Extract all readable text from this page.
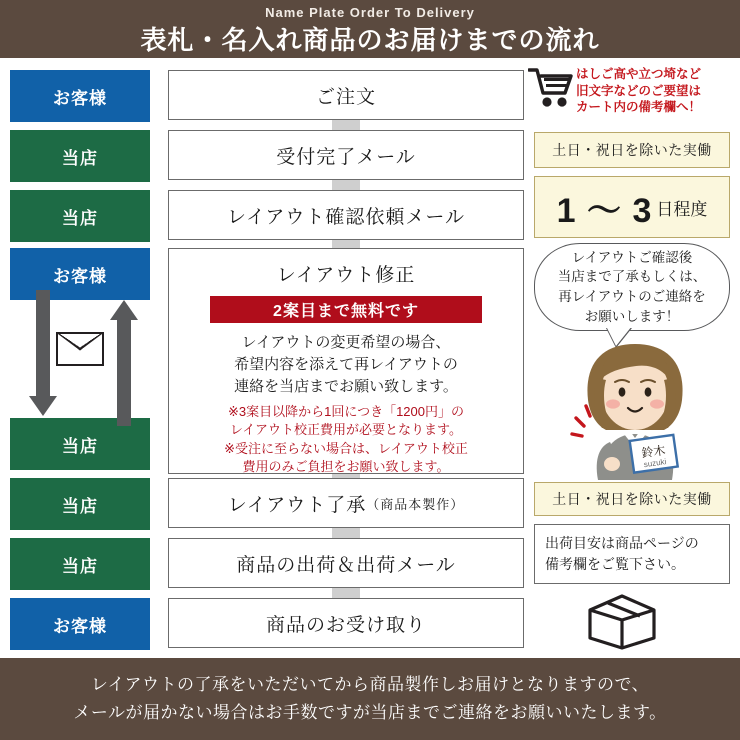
Name Plate Order To Delivery
表札・名入れ商品のお届けまでの流れ
お客様	ご注文
当店	受付完了メール
当店	レイアウト確認依頼メール
お客様	レイアウト修正
2案目まで無料です
レイアウトの変更希望の場合、
希望内容を添えて再レイアウトの
連絡を当店までお願い致します。
※3案目以降から1回につき「1200円」の
レイアウト校正費用が必要となります。
※受注に至らない場合は、レイアウト校正
費用のみご負担をお願い致します。
当店
当店	レイアウト了承 （商品本製作）
当店	商品の出荷＆出荷メール
お客様	商品のお受け取り
はしご高や立つ埼など
旧文字などのご要望は
カート内の備考欄へ！
土日・祝日を除いた実働
1 ～ 3 日程度
レイアウトご確認後
当店まで了承もしくは、
再レイアウトのご連絡を
お願いします！
鈴木
suzuki
土日・祝日を除いた実働
出荷目安は商品ページの
備考欄をご覧下さい。
レイアウトの了承をいただいてから商品製作しお届けとなりますので、
メールが届かない場合はお手数ですが当店までご連絡をお願いいたします。
